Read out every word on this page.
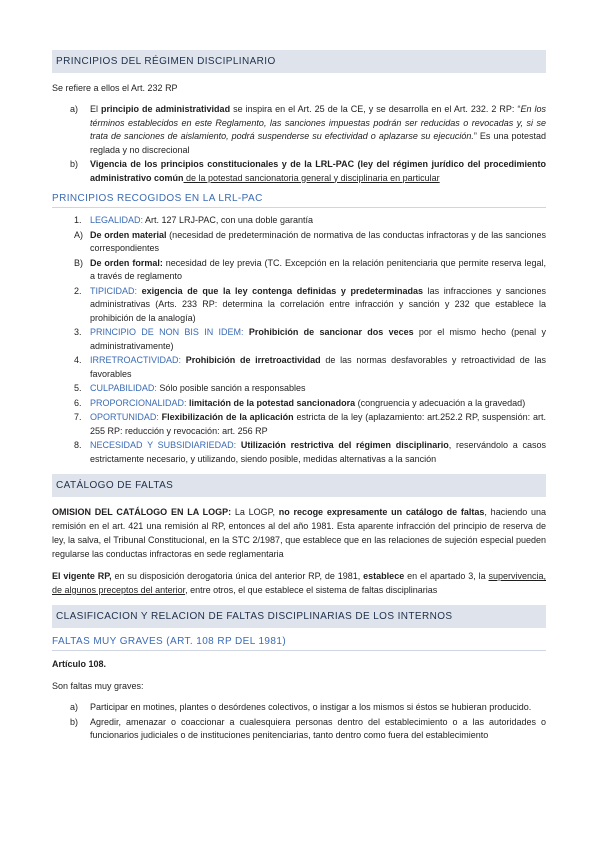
PRINCIPIOS DEL RÉGIMEN DISCIPLINARIO

Se refiere a ellos el Art. 232 RP

a)	El principio de administratividad se inspira en el Art. 25 de la CE, y se desarrolla en el Art. 232. 2 RP: “En los términos establecidos en este Reglamento, las sanciones impuestas podrán ser reducidas o revocadas y, si se trata de sanciones de aislamiento, podrá suspenderse su efectividad o aplazarse su ejecución.” Es una potestad reglada y no discrecional
b)	Vigencia de los principios constitucionales y de la LRL-PAC (ley del régimen jurídico del procedimiento administrativo común de la potestad sancionatoria general y disciplinaria en particular
PRINCIPIOS RECOGIDOS EN LA LRL-PAC
1. LEGALIDAD: Art. 127 LRJ-PAC, con una doble garantía
A) De orden material (necesidad de predeterminación de normativa de las conductas infractoras y de las sanciones correspondientes
B) De orden formal: necesidad de ley previa (TC. Excepción en la relación penitenciaria que permite reserva legal, a través de reglamento
2. TIPICIDAD: exigencia de que la ley contenga definidas y predeterminadas las infracciones y sanciones administrativas (Arts. 233 RP: determina la correlación entre infracción y sanción y 232 que establece la prohibición de la analogía)
3. PRINCIPIO DE NON BIS IN IDEM: Prohibición de sancionar dos veces por el mismo hecho (penal y administrativamente)
4. IRRETROACTIVIDAD: Prohibición de irretroactividad de las normas desfavorables y retroactividad de las favorables
5. CULPABILIDAD: Sólo posible sanción a responsables
6. PROPORCIONALIDAD: limitación de la potestad sancionadora (congruencia y adecuación a la gravedad)
7. OPORTUNIDAD: Flexibilización de la aplicación estricta de la ley (aplazamiento: art.252.2 RP, suspensión: art. 255 RP: reducción y revocación: art. 256 RP
8. NECESIDAD Y SUBSIDIARIEDAD: Utilización restrictiva del régimen disciplinario, reservándolo a casos estrictamente necesario, y utilizando, siendo posible, medidas alternativas a la sanción
CATÁLOGO DE FALTAS

OMISION DEL CATÁLOGO EN LA LOGP: La LOGP, no recoge expresamente un catálogo de faltas, haciendo una remisión en el art. 421 una remisión al RP, entonces al del año 1981. Esta aparente infracción del principio de reserva de ley, la salva, el Tribunal Constitucional, en la STC 2/1987, que establece que en las relaciones de sujeción especial pueden regularse las conductas infractoras en sede reglamentaria

El vigente RP, en su disposición derogatoria única del anterior RP, de 1981, establece en el apartado 3, la supervivencia, de algunos preceptos del anterior, entre otros, el que establece el sistema de faltas disciplinarias

CLASIFICACION Y RELACION DE FALTAS DISCIPLINARIAS DE LOS INTERNOS
FALTAS MUY GRAVES (ART. 108 RP DEL 1981)

Artículo 108.

Son faltas muy graves:

a)	Participar en motines, plantes o desórdenes colectivos, o instigar a los mismos si éstos se hubieran producido.
b)	Agredir, amenazar o coaccionar a cualesquiera personas dentro del establecimiento o a las autoridades o funcionarios judiciales o de instituciones penitenciarias, tanto dentro como fuera del establecimiento
